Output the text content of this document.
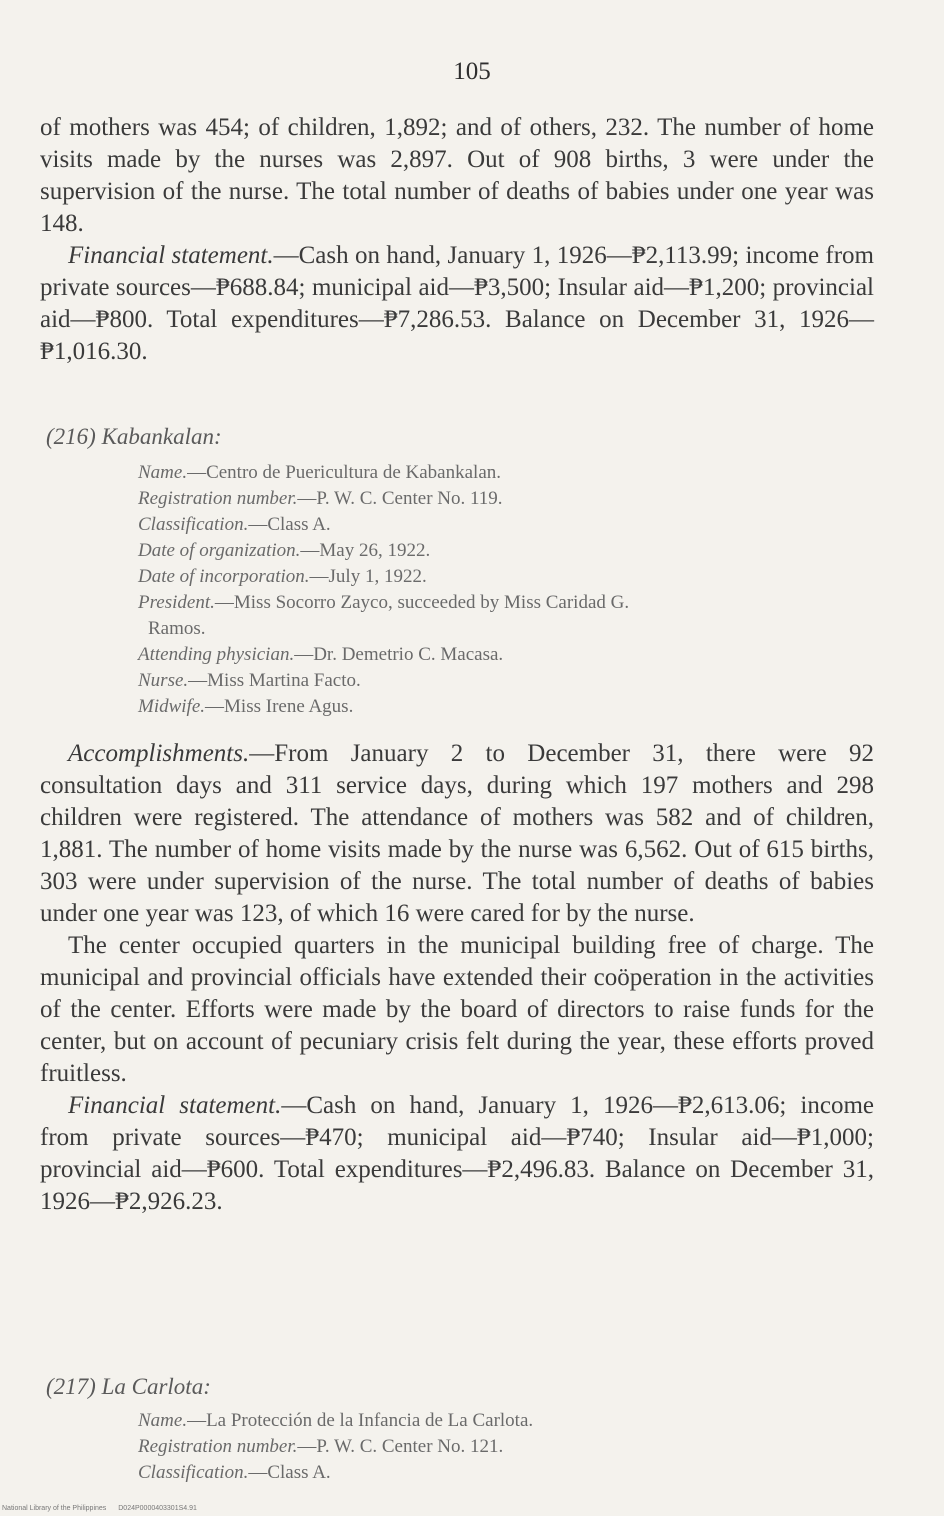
105

of mothers was 454; of children, 1,892; and of others, 232. The number of home visits made by the nurses was 2,897. Out of 908 births, 3 were under the supervision of the nurse. The total number of deaths of babies under one year was 148.

Financial statement.—Cash on hand, January 1, 1926—₱2,113.99; income from private sources—₱688.84; municipal aid—₱3,500; Insular aid—₱1,200; provincial aid—₱800. Total expenditures—₱7,286.53. Balance on December 31, 1926—₱1,016.30.

(216) Kabankalan:
Name.—Centro de Puericultura de Kabankalan.
Registration number.—P. W. C. Center No. 119.
Classification.—Class A.
Date of organization.—May 26, 1922.
Date of incorporation.—July 1, 1922.
President.—Miss Socorro Zayco, succeeded by Miss Caridad G.
Ramos.
Attending physician.—Dr. Demetrio C. Macasa.
Nurse.—Miss Martina Facto.
Midwife.—Miss Irene Agus.

Accomplishments.—From January 2 to December 31, there were 92 consultation days and 311 service days, during which 197 mothers and 298 children were registered. The attendance of mothers was 582 and of children, 1,881. The number of home visits made by the nurse was 6,562. Out of 615 births, 303 were under supervision of the nurse. The total number of deaths of babies under one year was 123, of which 16 were cared for by the nurse.

The center occupied quarters in the municipal building free of charge. The municipal and provincial officials have extended their coöperation in the activities of the center. Efforts were made by the board of directors to raise funds for the center, but on account of pecuniary crisis felt during the year, these efforts proved fruitless.

Financial statement.—Cash on hand, January 1, 1926—₱2,613.06; income from private sources—₱470; municipal aid—₱740; Insular aid—₱1,000; provincial aid—₱600. Total expenditures—₱2,496.83. Balance on December 31, 1926—₱2,926.23.

(217) La Carlota:
Name.—La Protección de la Infancia de La Carlota.
Registration number.—P. W. C. Center No. 121.
Classification.—Class A.
National Library of the Philippines D024P0000403301S4.91
